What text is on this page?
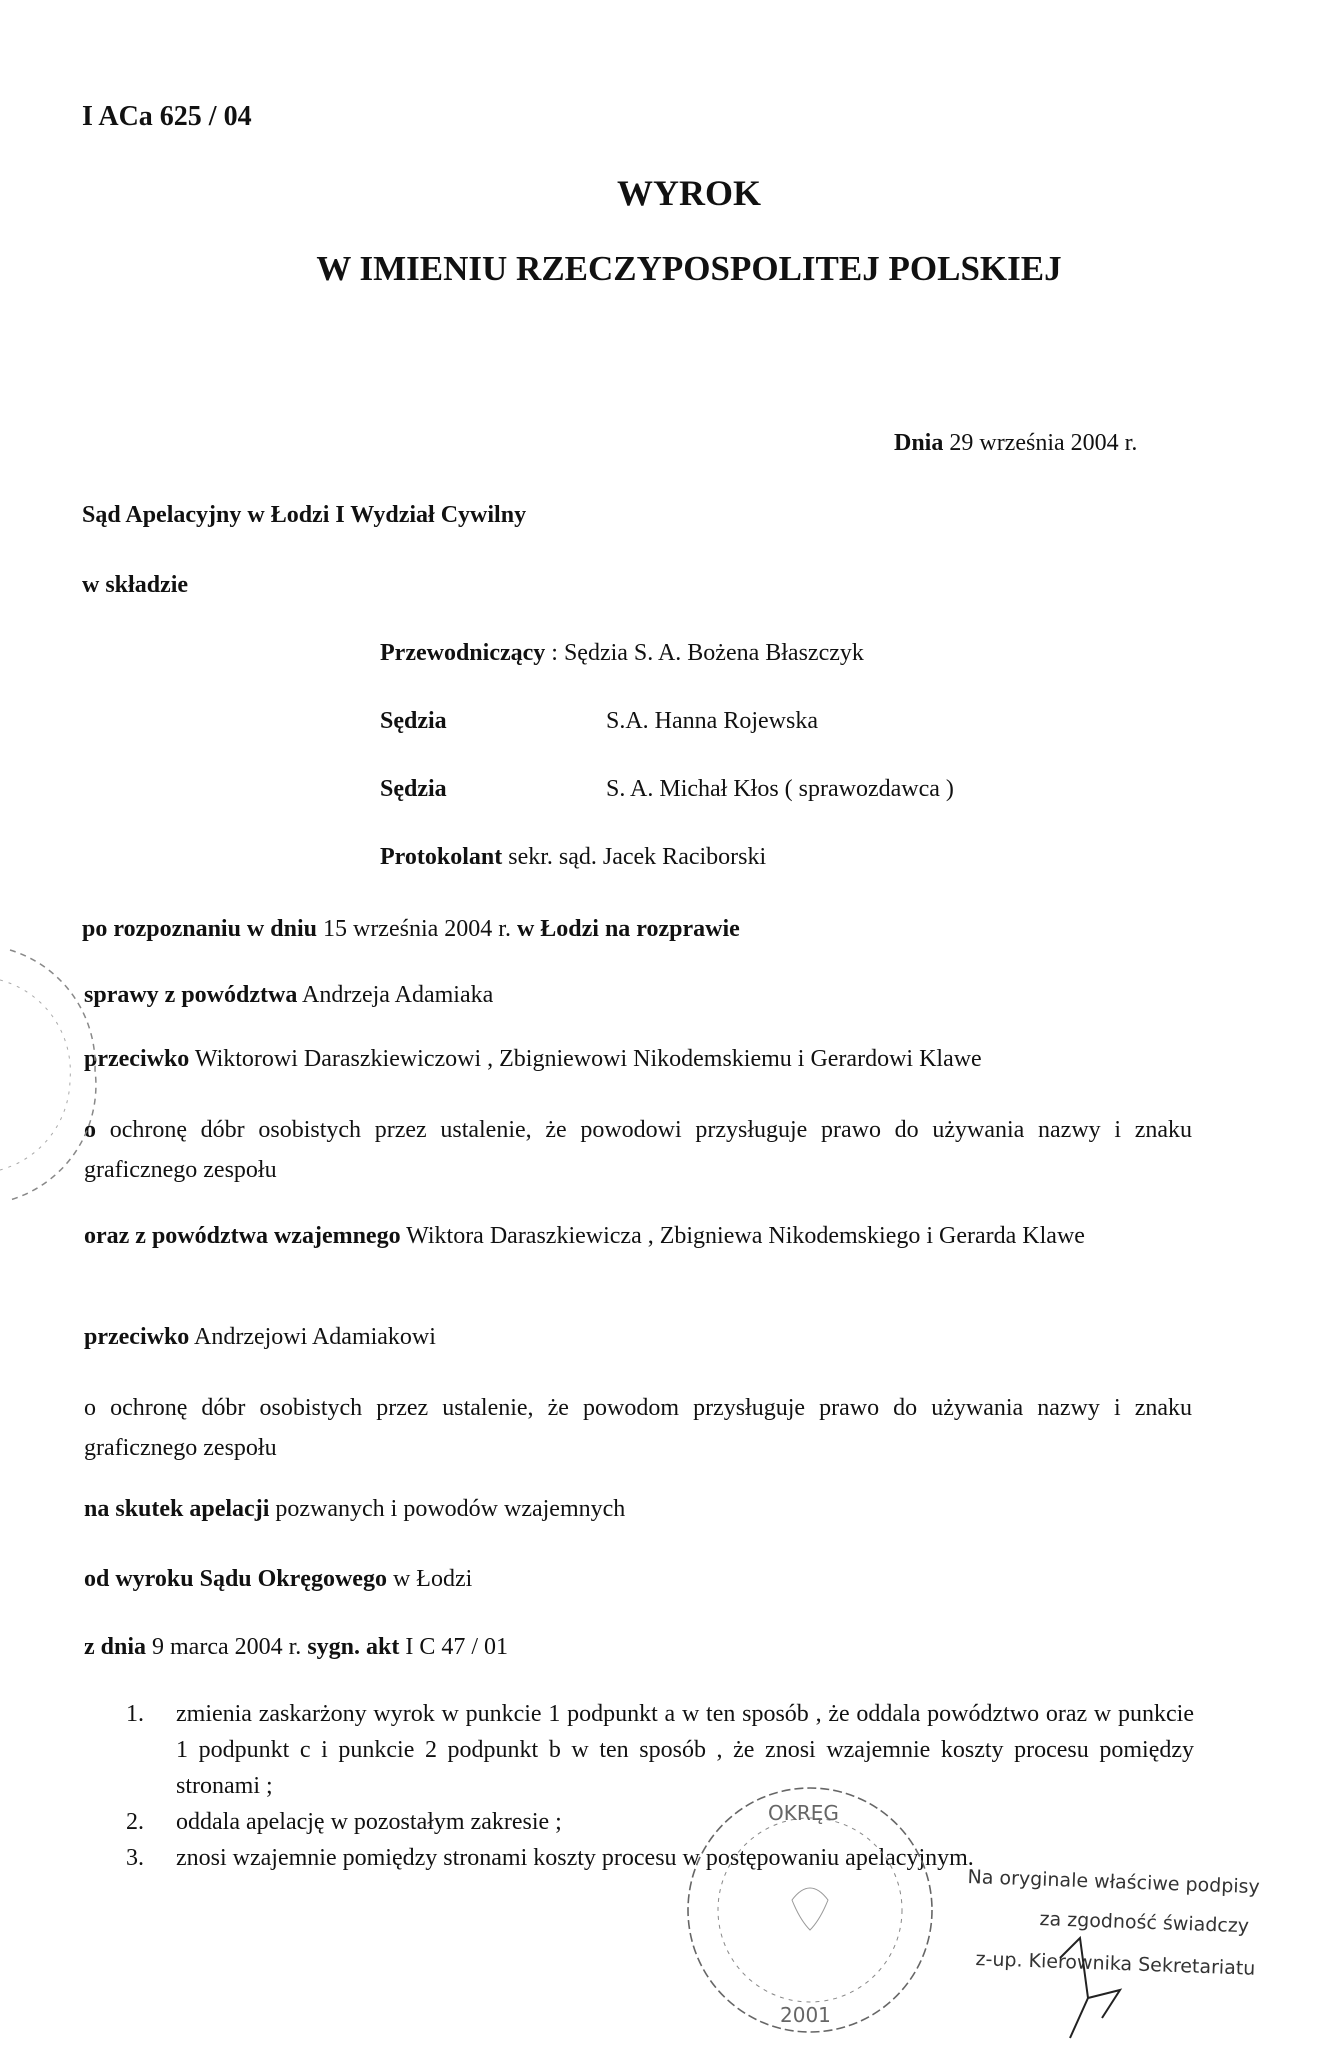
I ACa 625 / 04
WYROK
W IMIENIU RZECZYPOSPOLITEJ POLSKIEJ
Dnia 29 września 2004 r.
Sąd Apelacyjny w Łodzi I Wydział Cywilny
w składzie
Przewodniczący : Sędzia S. A. Bożena Błaszczyk
Sędzia	S.A. Hanna Rojewska
Sędzia	S. A. Michał Kłos ( sprawozdawca )
Protokolant sekr. sąd. Jacek Raciborski
po rozpoznaniu w dniu 15 września 2004 r. w Łodzi na rozprawie
sprawy z powództwa Andrzeja Adamiaka
przeciwko Wiktorowi Daraszkiewiczowi , Zbigniewowi Nikodemskiemu i Gerardowi Klawe
o ochronę dóbr osobistych przez ustalenie, że powodowi przysługuje prawo do używania nazwy i znaku graficznego zespołu
oraz z powództwa wzajemnego Wiktora Daraszkiewicza , Zbigniewa Nikodemskiego i Gerarda Klawe
przeciwko Andrzejowi Adamiakowi
o ochronę dóbr osobistych przez ustalenie, że powodom przysługuje prawo do używania nazwy i znaku graficznego zespołu
na skutek apelacji pozwanych i powodów wzajemnych
od wyroku Sądu Okręgowego w Łodzi
z dnia 9 marca 2004 r. sygn. akt I C 47 / 01
1. zmienia zaskarżony wyrok w punkcie 1 podpunkt a w ten sposób , że oddala powództwo oraz w punkcie 1 podpunkt c i punkcie 2 podpunkt b w ten sposób , że znosi wzajemnie koszty procesu pomiędzy stronami ;
2. oddala apelację w pozostałym zakresie ;
3. znosi wzajemnie pomiędzy stronami koszty procesu w postępowaniu apelacyjnym.
OKRĘG
2001
Na oryginale właściwe podpisy
za zgodność świadczy
z-up. Kierownika Sekretariatu
